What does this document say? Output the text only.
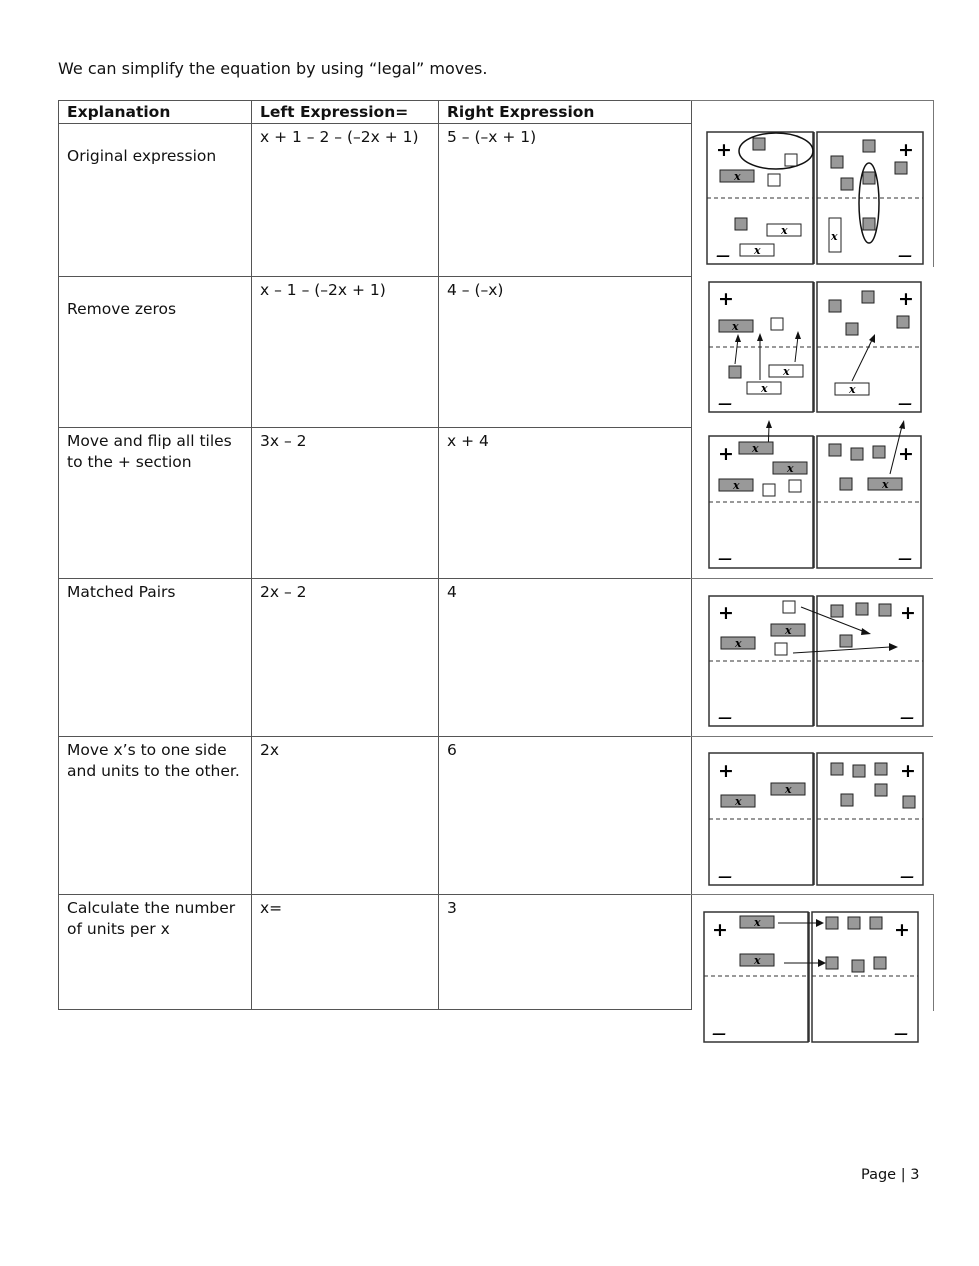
We can simplify the equation by using “legal” moves.
Explanation	Left Expression=	Right Expression
Original expression	x + 1 – 2 – (–2x + 1)	5 – (–x + 1)
Remove zeros	x – 1 – (–2x + 1)	4 – (–x)
Move and flip all tiles to the + section	3x – 2	x + 4
Matched Pairs	2x – 2	4
Move x’s to one side and units to the other.	2x	6
Calculate the number of units per x	x=	3
+	+
—	—
x
x
x
x
+	+
—	—
x
x
x	x
+	+
—	—
x
x
x	x
+	+
—	—
x
x
+	+
—	—
x
x
+	+
—	—
x
x
Page | 3
